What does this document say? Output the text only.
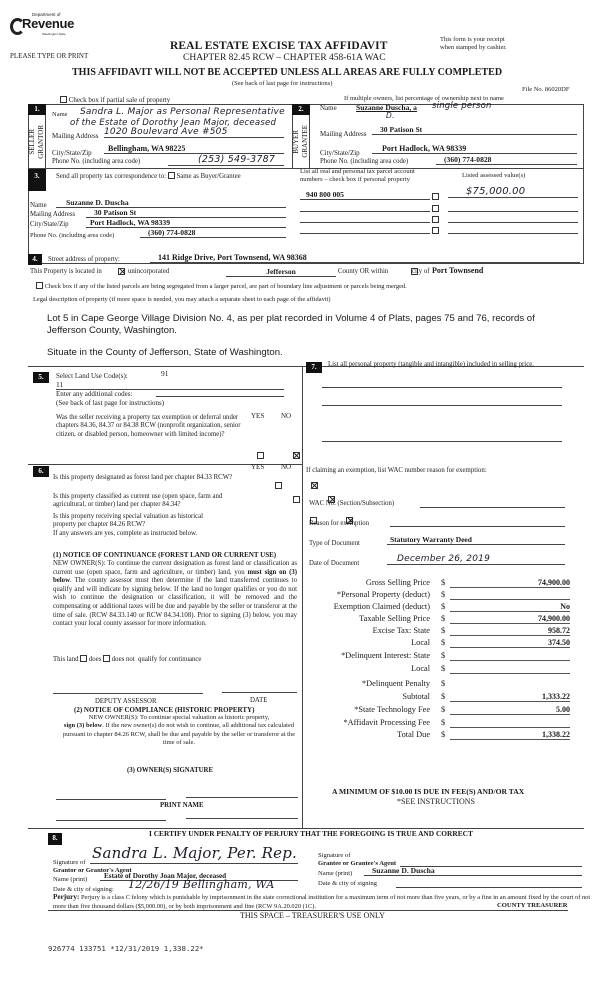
Department of
Revenue
Washington State
PLEASE TYPE OR PRINT
REAL ESTATE EXCISE TAX AFFIDAVIT
CHAPTER 82.45 RCW – CHAPTER 458-61A WAC
This form is your receipt
when stamped by cashier.
THIS AFFIDAVIT WILL NOT BE ACCEPTED UNLESS ALL AREAS ARE FULLY COMPLETED
(See back of last page for instructions)
File No. 86020DF
Check box if partial sale of property	If multiple owners, list percentage of ownership next to name
1.
SELLER GRANTOR
Name Sandra L. Major as Personal Representative
of the Estate of Dorothy Jean Major, deceased
Mailing Address 1020 Boulevard Ave #505
City/State/Zip	Bellingham, WA 98225
Phone No. (including area code)	(253) 549-3787
2.
BUYER GRANTEE
Name	Suzanne Duscha, a single person
D.
Mailing Address	30 Patison St
City/State/Zip	Port Hadlock, WA 98339
Phone No. (including area code)	(360) 774-0828
3.	Send all property tax correspondence to: Same as Buyer/Grantee
Name	Suzanne D. Duscha
Mailing Address	30 Patison St
City/State/Zip	Port Hadlock, WA 98339
Phone No. (including area code)	(360) 774-0828
List all real and personal tax parcel account
numbers – check box if personal property
Listed assessed value(s)
940 800 005	$75,000.00
4.	Street address of property:	141 Ridge Drive, Port Townsend, WA 98368
This Property is located in
	unincorporated	Jefferson	County OR within	city of Port Townsend
Check box if any of the listed parcels are being segregated from a larger parcel, are part of boundary line adjustment or parcels being merged.
Legal description of property (if more space is needed, you may attach a separate sheet to each page of the affidavit)
Lot 5 in Cape George Village Division No. 4, as per plat recorded in Volume 4 of Plats, pages 75 and 76, records of
Jefferson County, Washington.
Situate in the County of Jefferson, State of Washington.
5.	Select Land Use Code(s):	91
11
Enter any additional codes:
(See back of last page for instructions)
YES NO
Was the seller receiving a property tax exemption or deferral under chapters 84.36, 84.37 or 84.38 RCW (nonprofit organization, senior citizen, or disabled person, homeowner with limited income)?

6.	YES NO
Is this property designated as forest land per chapter 84.33 RCW?

Is this property classified as current use (open space, farm and agricultural, or timber) land per chapter 84.34?

Is this property receiving special valuation as historical property per chapter 84.26 RCW?

If any answers are yes, complete as instructed below.
(1) NOTICE OF CONTINUANCE (FOREST LAND OR CURRENT USE)
NEW OWNER(S): To continue the current designation as forest land or classification as current use (open space, farm and agriculture, or timber) land, you must sign on (3) below. The county assessor must then determine if the land transferred continues to qualify and will indicate by signing below. If the land no longer qualifies or you do not wish to continue the designation or classification, it will be removed and the compensating or additional taxes will be due and payable by the seller or transferor at the time of sale. (RCW 84.33.140 or RCW 84.34.108). Prior to signing (3) below, you may contact your local county assessor for more information.
This land does does not qualify for continuance
DEPUTY ASSESSOR	DATE
(2) NOTICE OF COMPLIANCE (HISTORIC PROPERTY)
NEW OWNER(S): To continue special valuation as historic property,
sign (3) below. If the new owner(s) do not wish to continue, all additional tax calculated pursuant to chapter 84.26 RCW, shall be due and payable by the seller or transferor at the time of sale.
(3) OWNER(S) SIGNATURE
PRINT NAME
7.	List all personal property (tangible and intangible) included in selling price.
If claiming an exemption, list WAC number reason for exemption:
WAC No. (Section/Subsection)
Reason for exemption
Type of Document	Statutory Warranty Deed
Date of Document	December 26, 2019
Gross Selling Price $	74,900.00
*Personal Property (deduct) $
Exemption Claimed (deduct) $	No
Taxable Selling Price $	74,900.00
Excise Tax: State $	958.72
Local $	374.50
*Delinquent Interest: State $
Local $
*Delinquent Penalty $
Subtotal $	1,333.22
*State Technology Fee $	5.00
*Affidavit Processing Fee $
Total Due $	1,338.22
A MINIMUM OF $10.00 IS DUE IN FEE(S) AND/OR TAX
*SEE INSTRUCTIONS
8.	I CERTIFY UNDER PENALTY OF PERJURY THAT THE FOREGOING IS TRUE AND CORRECT
Signature of
Grantor or Grantor's Agent
Sandra L. Major, Per. Rep.
Name (print)	Estate of Dorothy Joan Major, deceased
Date & city of signing: 12/26/19 Bellingham, WA
Signature of
Grantee or Grantee's Agent
Name (print)	Suzanne D. Duscha
Date & city of signing
Perjury: Perjury is a class C felony which is punishable by imprisonment in the state correctional institution for a maximum term of not more than five years, or by a fine in an amount fixed by the court of not more than five thousand dollars ($5,000.00), or by both imprisonment and fine (RCW 9A.20.020 (1C).
THIS SPACE – TREASURER'S USE ONLY
COUNTY TREASURER
926774 133751 *12/31/2019 1,338.22*
